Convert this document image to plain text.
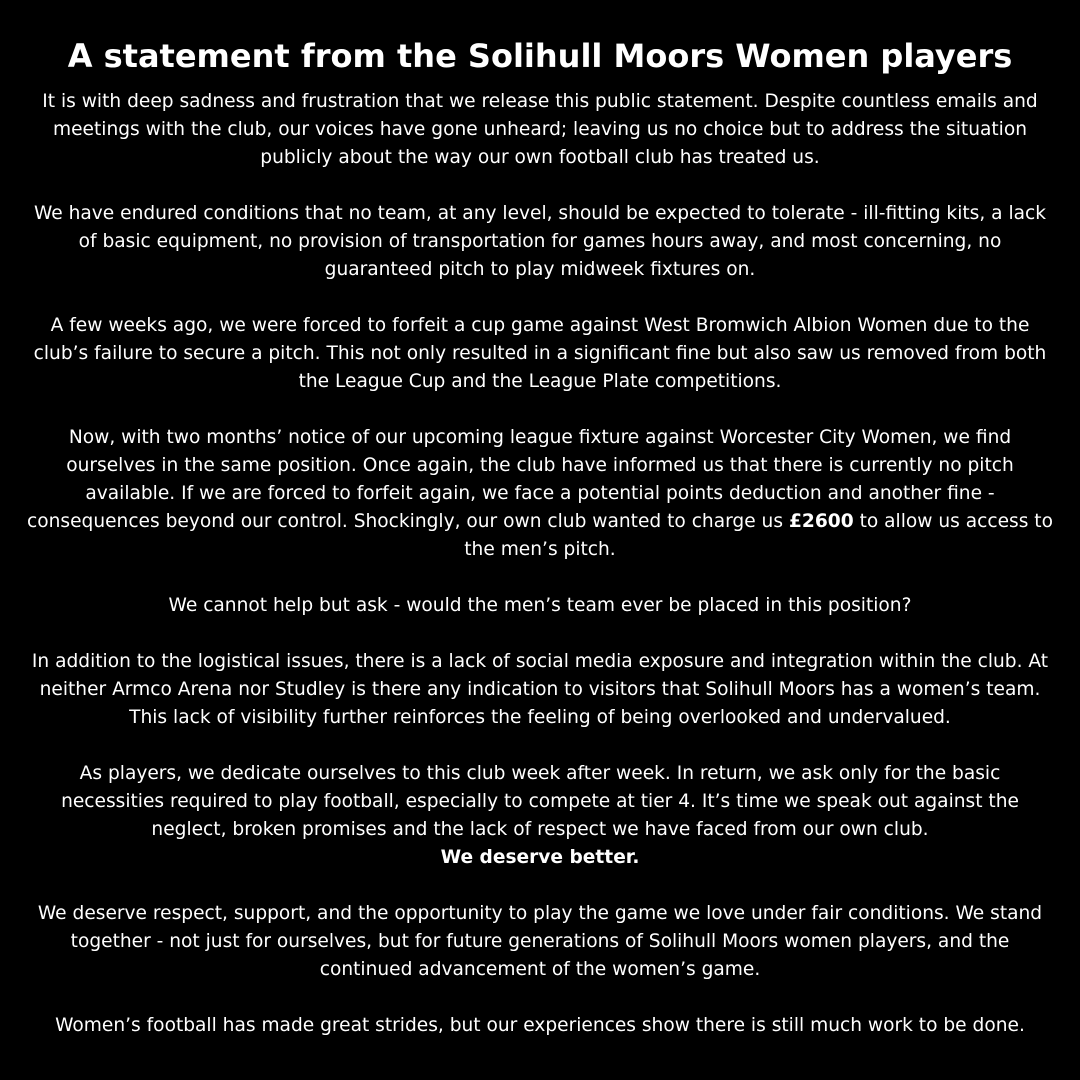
A statement from the Solihull Moors Women players

It is with deep sadness and frustration that we release this public statement. Despite countless emails and meetings with the club, our voices have gone unheard; leaving us no choice but to address the situation publicly about the way our own football club has treated us.

We have endured conditions that no team, at any level, should be expected to tolerate - ill-fitting kits, a lack of basic equipment, no provision of transportation for games hours away, and most concerning, no guaranteed pitch to play midweek fixtures on.

A few weeks ago, we were forced to forfeit a cup game against West Bromwich Albion Women due to the club’s failure to secure a pitch. This not only resulted in a significant fine but also saw us removed from both the League Cup and the League Plate competitions.

Now, with two months’ notice of our upcoming league fixture against Worcester City Women, we find ourselves in the same position. Once again, the club have informed us that there is currently no pitch available. If we are forced to forfeit again, we face a potential points deduction and another fine - consequences beyond our control. Shockingly, our own club wanted to charge us £2600 to allow us access to the men’s pitch.

We cannot help but ask - would the men’s team ever be placed in this position?

In addition to the logistical issues, there is a lack of social media exposure and integration within the club. At neither Armco Arena nor Studley is there any indication to visitors that Solihull Moors has a women’s team. This lack of visibility further reinforces the feeling of being overlooked and undervalued.

As players, we dedicate ourselves to this club week after week. In return, we ask only for the basic necessities required to play football, especially to compete at tier 4. It’s time we speak out against the neglect, broken promises and the lack of respect we have faced from our own club.

We deserve better.

We deserve respect, support, and the opportunity to play the game we love under fair conditions. We stand together - not just for ourselves, but for future generations of Solihull Moors women players, and the continued advancement of the women’s game.

Women’s football has made great strides, but our experiences show there is still much work to be done.
